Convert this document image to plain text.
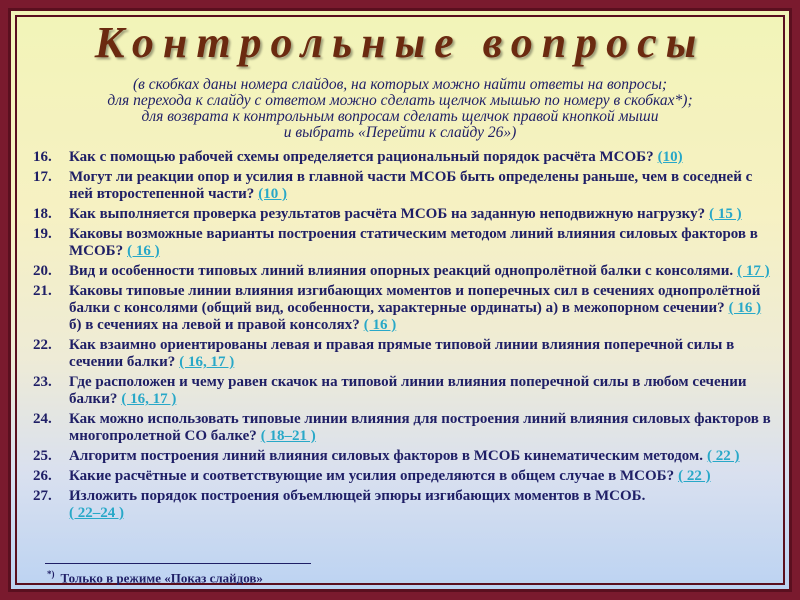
Контрольные вопросы
(в скобках даны номера слайдов, на которых можно найти ответы на вопросы;
для перехода к слайду с ответом можно сделать щелчок мышью по номеру в скобках*);
для возврата к контрольным вопросам сделать щелчок правой кнопкой мыши
и выбрать «Перейти к слайду 26»)
16.	Как с помощью рабочей схемы определяется рациональный порядок расчёта МСОБ? (10)
17.	Могут ли реакции опор и усилия в главной части МСОБ быть определены раньше, чем в соседней с ней второстепенной части? (10 )
18.	Как выполняется проверка результатов расчёта МСОБ на заданную неподвижную нагрузку? ( 15 )
19.	Каковы возможные варианты построения статическим методом линий влияния силовых факторов в МСОБ? ( 16 )
20.	Вид и особенности типовых линий влияния опорных реакций однопролётной балки с консолями. ( 17 )
21.	Каковы типовые линии влияния изгибающих моментов и поперечных сил в сечениях однопролётной балки с консолями (общий вид, особенности, характерные ординаты) а) в межопорном сечении? ( 16 ) б) в сечениях на левой и правой консолях? ( 16 )
22.	Как взаимно ориентированы левая и правая прямые типовой линии влияния поперечной силы в сечении балки? ( 16, 17 )
23.	Где расположен и чему равен скачок на типовой линии влияния поперечной силы в любом сечении балки? ( 16, 17 )
24.	Как можно использовать типовые линии влияния для построения линий влияния силовых факторов в многопролетной СО балке? ( 18–21 )
25.	Алгоритм построения линий влияния силовых факторов в МСОБ кинематическим методом. ( 22 )
26.	Какие расчётные и соответствующие им усилия определяются в общем случае в МСОБ? ( 22 )
27.	Изложить порядок построения объемлющей эпюры изгибающих моментов в МСОБ.
( 22–24 )
*) Только в режиме «Показ слайдов»
